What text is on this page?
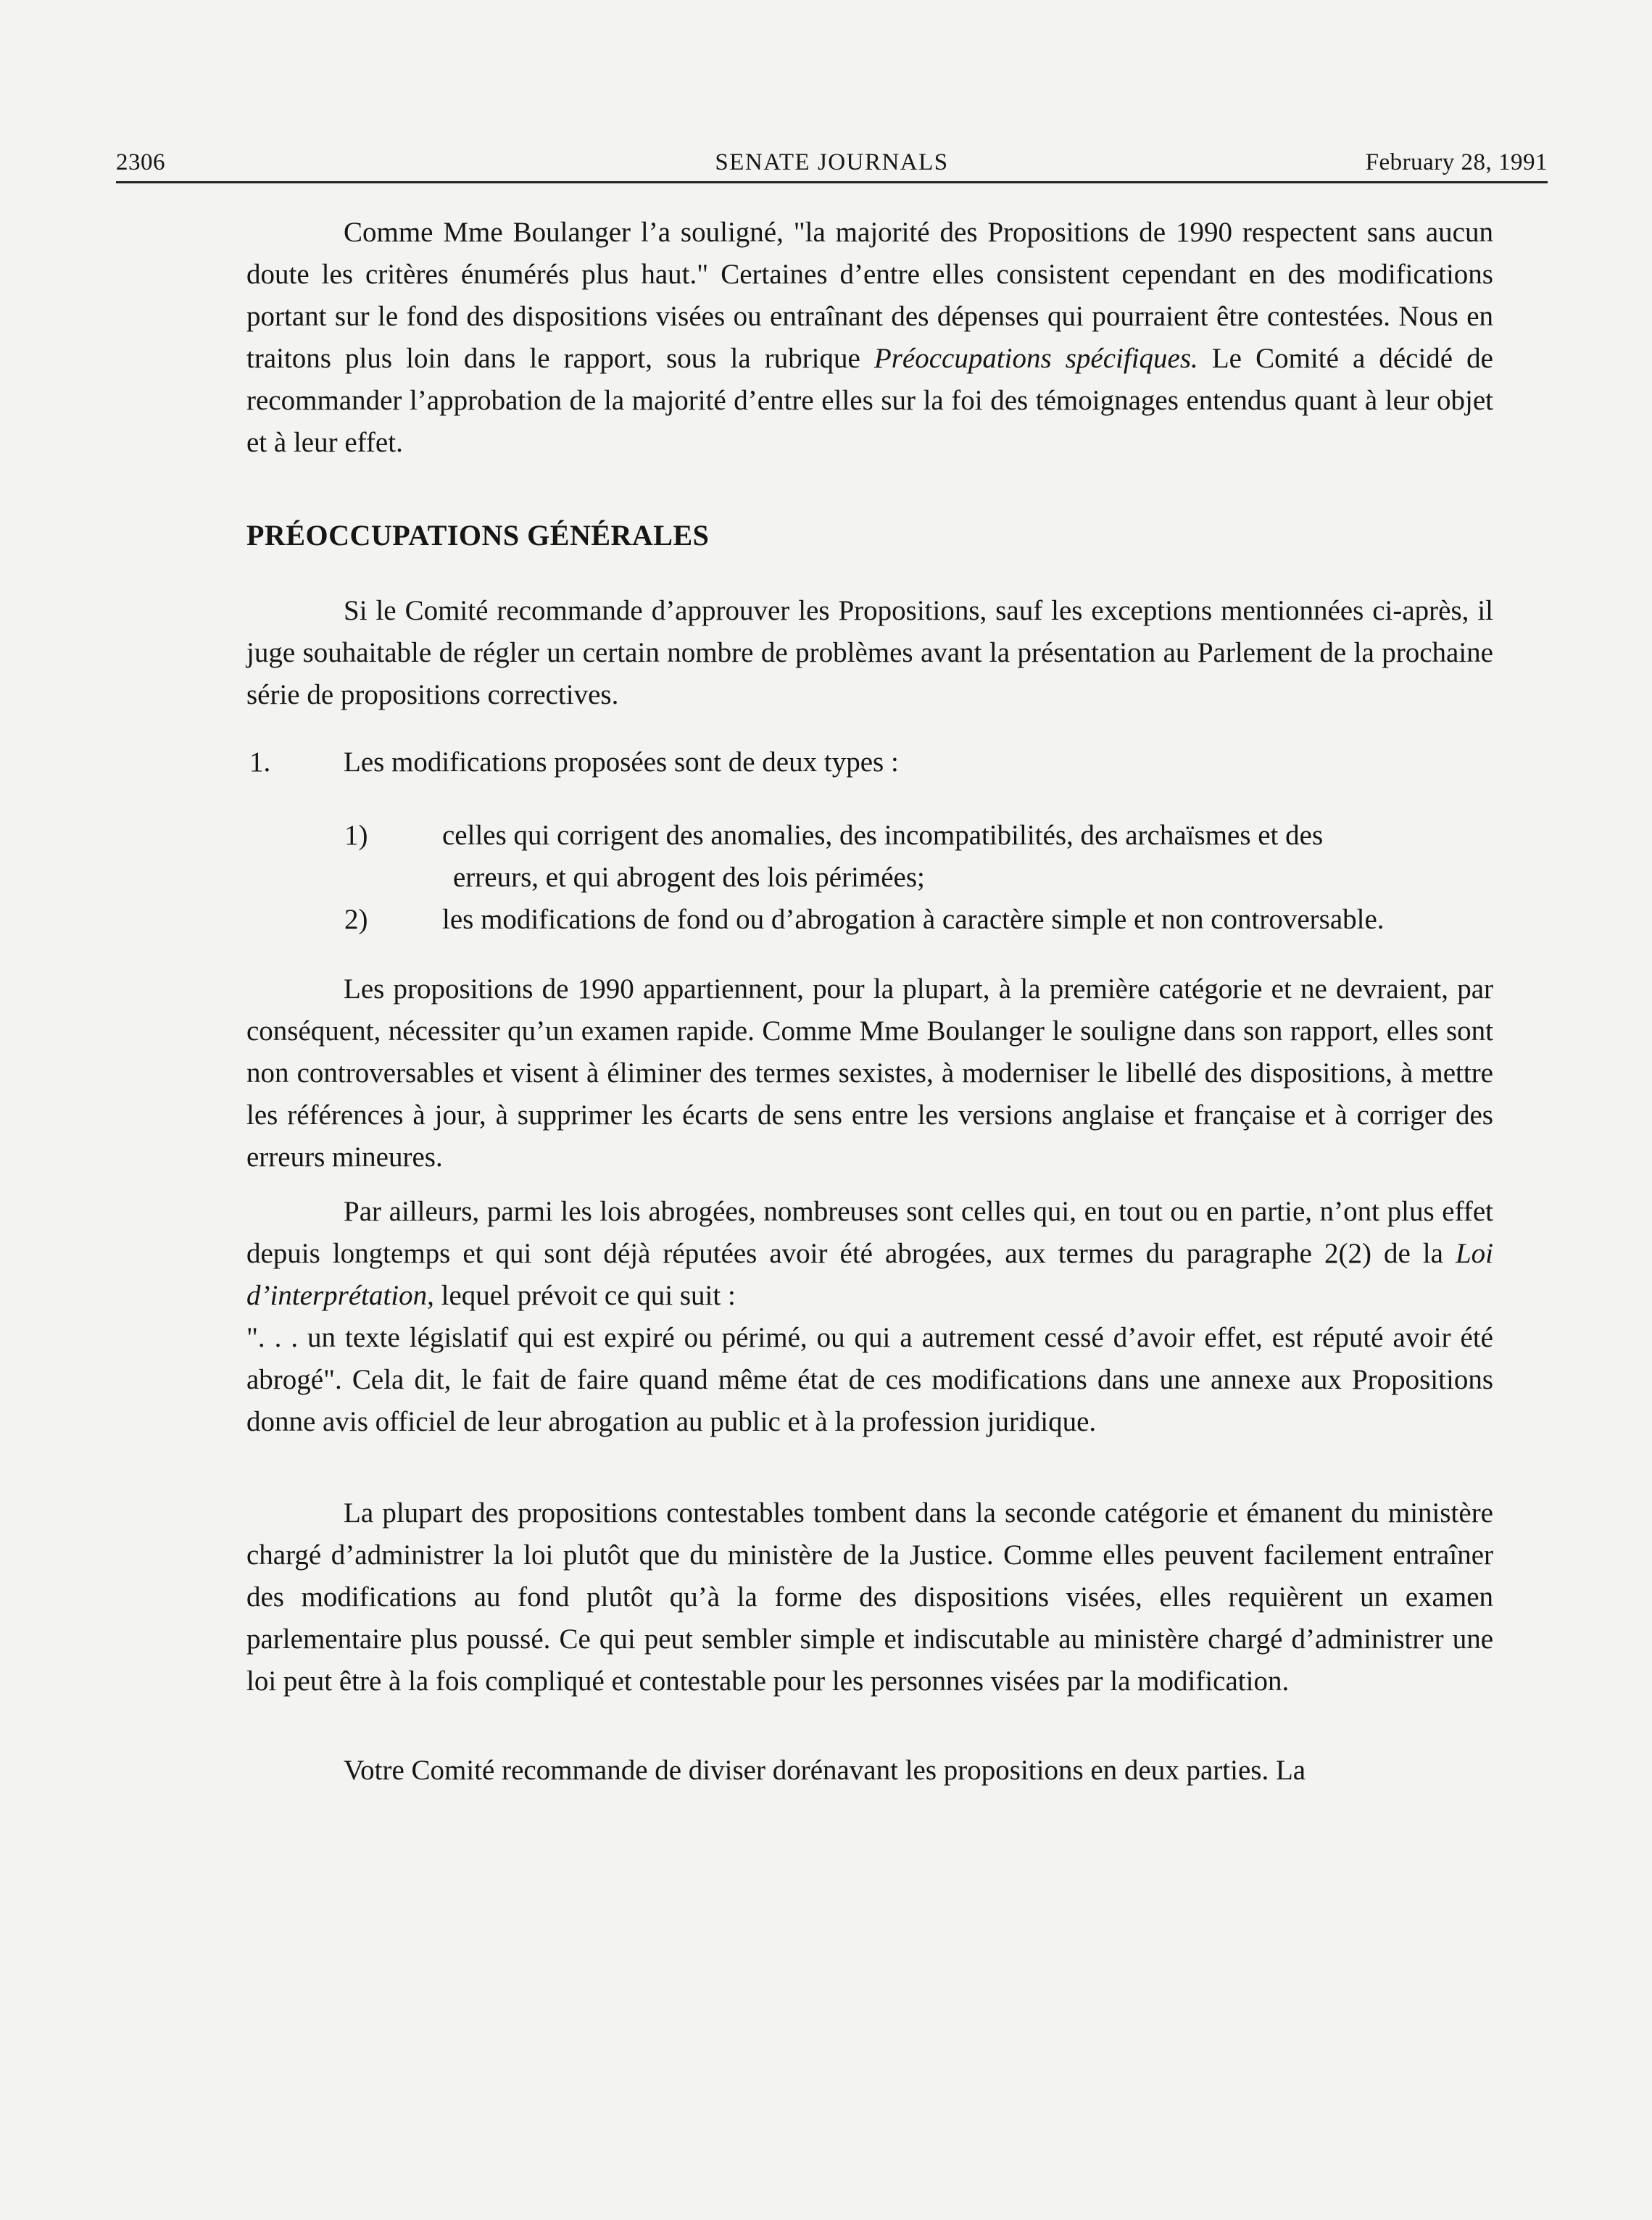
2306	SENATE JOURNALS	February 28, 1991

Comme Mme Boulanger l’a souligné, "la majorité des Propositions de 1990 respectent sans aucun doute les critères énumérés plus haut." Certaines d’entre elles consistent cependant en des modifications portant sur le fond des dispositions visées ou entraînant des dépenses qui pourraient être contestées. Nous en traitons plus loin dans le rapport, sous la rubrique Préoccupations spécifiques. Le Comité a décidé de recommander l’approbation de la majorité d’entre elles sur la foi des témoignages entendus quant à leur objet et à leur effet.

PRÉOCCUPATIONS GÉNÉRALES

Si le Comité recommande d’approuver les Propositions, sauf les exceptions mentionnées ci-après, il juge souhaitable de régler un certain nombre de problèmes avant la présentation au Parlement de la prochaine série de propositions correctives.

1.	Les modifications proposées sont de deux types :
1)	celles qui corrigent des anomalies, des incompatibilités, des archaïsmes et des
erreurs, et qui abrogent des lois périmées;
2)	les modifications de fond ou d’abrogation à caractère simple et non controversable.

Les propositions de 1990 appartiennent, pour la plupart, à la première catégorie et ne devraient, par conséquent, nécessiter qu’un examen rapide. Comme Mme Boulanger le souligne dans son rapport, elles sont non controversables et visent à éliminer des termes sexistes, à moderniser le libellé des dispositions, à mettre les références à jour, à supprimer les écarts de sens entre les versions anglaise et française et à corriger des erreurs mineures.

Par ailleurs, parmi les lois abrogées, nombreuses sont celles qui, en tout ou en partie, n’ont plus effet depuis longtemps et qui sont déjà réputées avoir été abrogées, aux termes du paragraphe 2(2) de la Loi d’interprétation, lequel prévoit ce qui suit :

". . . un texte législatif qui est expiré ou périmé, ou qui a autrement cessé d’avoir effet, est réputé avoir été abrogé". Cela dit, le fait de faire quand même état de ces modifications dans une annexe aux Propositions donne avis officiel de leur abrogation au public et à la profession juridique.

La plupart des propositions contestables tombent dans la seconde catégorie et émanent du ministère chargé d’administrer la loi plutôt que du ministère de la Justice. Comme elles peuvent facilement entraîner des modifications au fond plutôt qu’à la forme des dispositions visées, elles requièrent un examen parlementaire plus poussé. Ce qui peut sembler simple et indiscutable au ministère chargé d’administrer une loi peut être à la fois compliqué et contestable pour les personnes visées par la modification.

Votre Comité recommande de diviser dorénavant les propositions en deux parties. La
